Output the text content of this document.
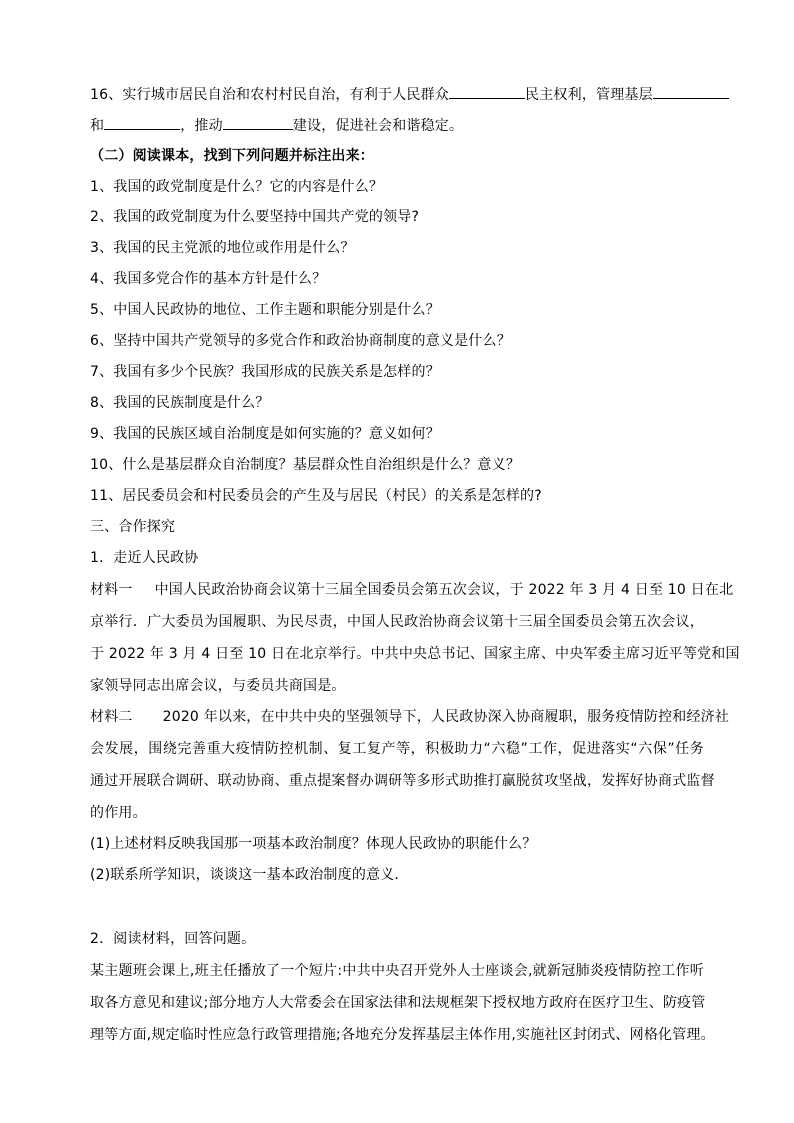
16、实行城市居民自治和农村村民自治，有利于人民群众	民主权利，管理基层
和	，推动	建设，促进社会和谐稳定。
（二）阅读课本，找到下列问题并标注出来：
1、我国的政党制度是什么？它的内容是什么？
2、我国的政党制度为什么要坚持中国共产党的领导?
3、我国的民主党派的地位或作用是什么？
4、我国多党合作的基本方针是什么？
5、中国人民政协的地位、工作主题和职能分别是什么？
6、坚持中国共产党领导的多党合作和政治协商制度的意义是什么？
7、我国有多少个民族？我国形成的民族关系是怎样的？
8、我国的民族制度是什么？
9、我国的民族区域自治制度是如何实施的？意义如何？
10、什么是基层群众自治制度？基层群众性自治组织是什么？意义？
11、居民委员会和村民委员会的产生及与居民（村民）的关系是怎样的?
三、合作探究
1．走近人民政协
材料一 中国人民政治协商会议第十三届全国委员会第五次会议，于 2022 年 3 月 4 日至 10 日在北
京举行．广大委员为国履职、为民尽责，中国人民政治协商会议第十三届全国委员会第五次会议，
于 2022 年 3 月 4 日至 10 日在北京举行。中共中央总书记、国家主席、中央军委主席习近平等党和国
家领导同志出席会议，与委员共商国是。
材料二 2020 年以来，在中共中央的坚强领导下，人民政协深入协商履职，服务疫情防控和经济社
会发展，围绕完善重大疫情防控机制、复工复产等，积极助力“六稳”工作，促进落实“六保”任务
通过开展联合调研、联动协商、重点提案督办调研等多形式助推打赢脱贫攻坚战，发挥好协商式监督
的作用。
(1)上述材料反映我国那一项基本政治制度？体现人民政协的职能什么？
(2)联系所学知识，谈谈这一基本政治制度的意义．
2．阅读材料，回答问题。
某主题班会课上,班主任播放了一个短片:中共中央召开党外人士座谈会,就新冠肺炎疫情防控工作听
取各方意见和建议;部分地方人大常委会在国家法律和法规框架下授权地方政府在医疗卫生、防疫管
理等方面,规定临时性应急行政管理措施;各地充分发挥基层主体作用,实施社区封闭式、网格化管理。
